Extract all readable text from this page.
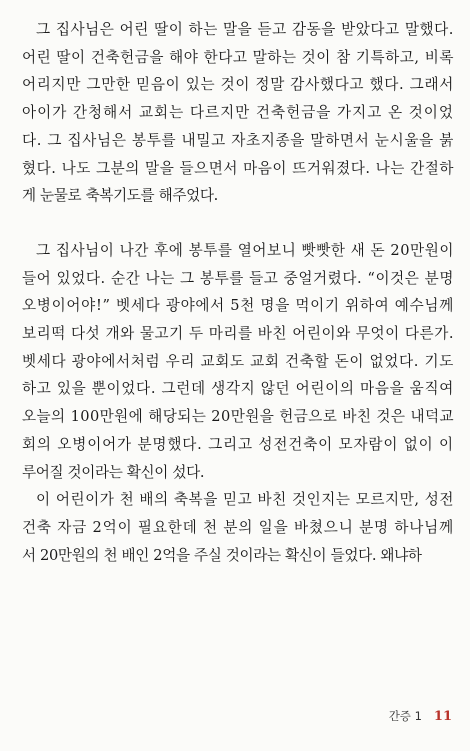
그 집사님은 어린 딸이 하는 말을 듣고 감동을 받았다고 말했다.
어린 딸이 건축헌금을 해야 한다고 말하는 것이 참 기특하고, 비록
어리지만 그만한 믿음이 있는 것이 정말 감사했다고 했다. 그래서
아이가 간청해서 교회는 다르지만 건축헌금을 가지고 온 것이었
다. 그 집사님은 봉투를 내밀고 자초지종을 말하면서 눈시울을 붉
혔다. 나도 그분의 말을 들으면서 마음이 뜨거워졌다. 나는 간절하
게 눈물로 축복기도를 해주었다.

그 집사님이 나간 후에 봉투를 열어보니 빳빳한 새 돈 20만원이
들어 있었다. 순간 나는 그 봉투를 들고 중얼거렸다. “이것은 분명
오병이어야!” 벳세다 광야에서 5천 명을 먹이기 위하여 예수님께
보리떡 다섯 개와 물고기 두 마리를 바친 어린이와 무엇이 다른가.
벳세다 광야에서처럼 우리 교회도 교회 건축할 돈이 없었다. 기도
하고 있을 뿐이었다. 그런데 생각지 않던 어린이의 마음을 움직여
오늘의 100만원에 해당되는 20만원을 헌금으로 바친 것은 내덕교
회의 오병이어가 분명했다. 그리고 성전건축이 모자람이 없이 이
루어질 것이라는 확신이 섰다.

이 어린이가 천 배의 축복을 믿고 바친 것인지는 모르지만, 성전
건축 자금 2억이 필요한데 천 분의 일을 바쳤으니 분명 하나님께
서 20만원의 천 배인 2억을 주실 것이라는 확신이 들었다. 왜냐하

간증 1 11
